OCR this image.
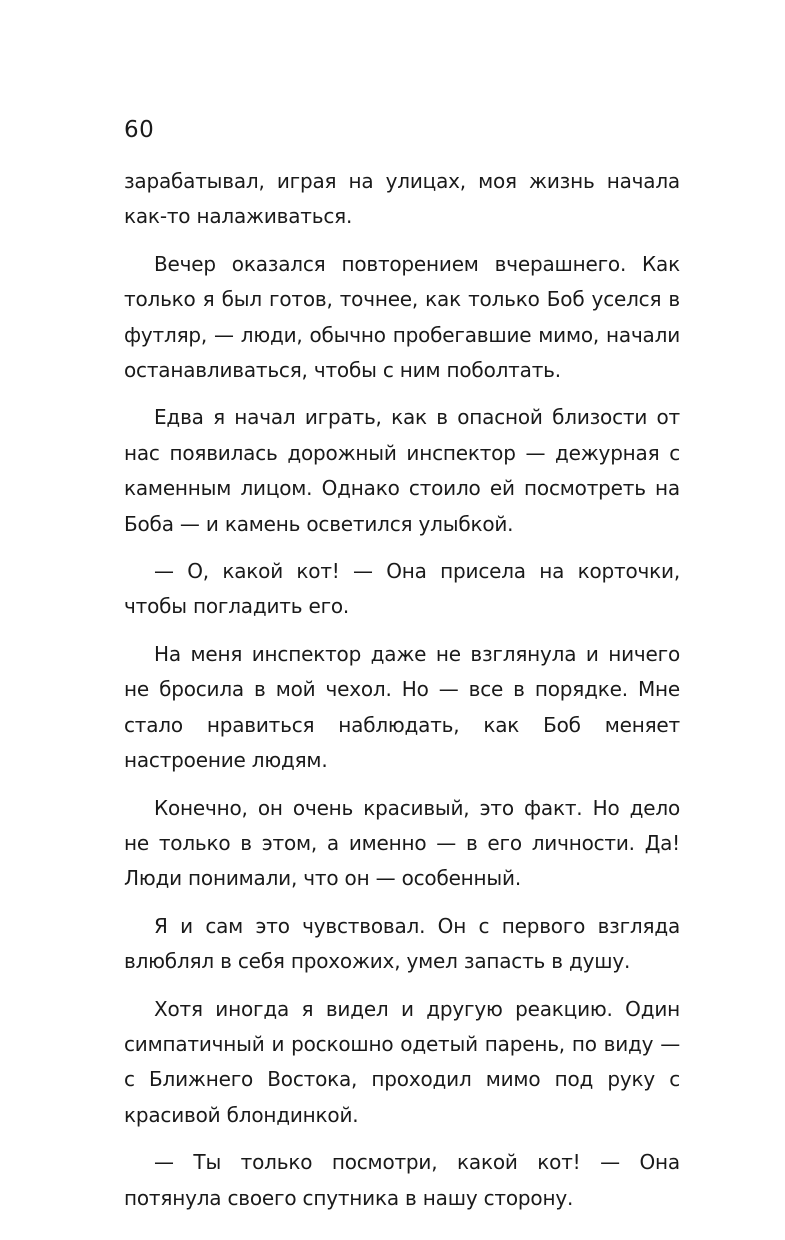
60

зарабатывал, играя на улицах, моя жизнь начала как-то налаживаться.

Вечер оказался повторением вчерашнего. Как только я был готов, точнее, как только Боб уселся в футляр, — люди, обычно пробегавшие мимо, начали останавливаться, чтобы с ним поболтать.

Едва я начал играть, как в опасной близости от нас появилась дорожный инспектор — дежурная с каменным лицом. Однако стоило ей посмотреть на Боба — и камень осветился улыбкой.

— О, какой кот! — Она присела на корточки, чтобы погладить его.

На меня инспектор даже не взглянула и ничего не бросила в мой чехол. Но — все в порядке. Мне стало нравиться наблюдать, как Боб меняет настроение людям.

Конечно, он очень красивый, это факт. Но дело не только в этом, а именно — в его личности. Да! Люди понимали, что он — особенный.

Я и сам это чувствовал. Он с первого взгляда влюблял в себя прохожих, умел запасть в душу.

Хотя иногда я видел и другую реакцию. Один симпатичный и роскошно одетый парень, по виду — с Ближнего Востока, проходил мимо под руку с красивой блондинкой.

— Ты только посмотри, какой кот! — Она потянула своего спутника в нашу сторону.
